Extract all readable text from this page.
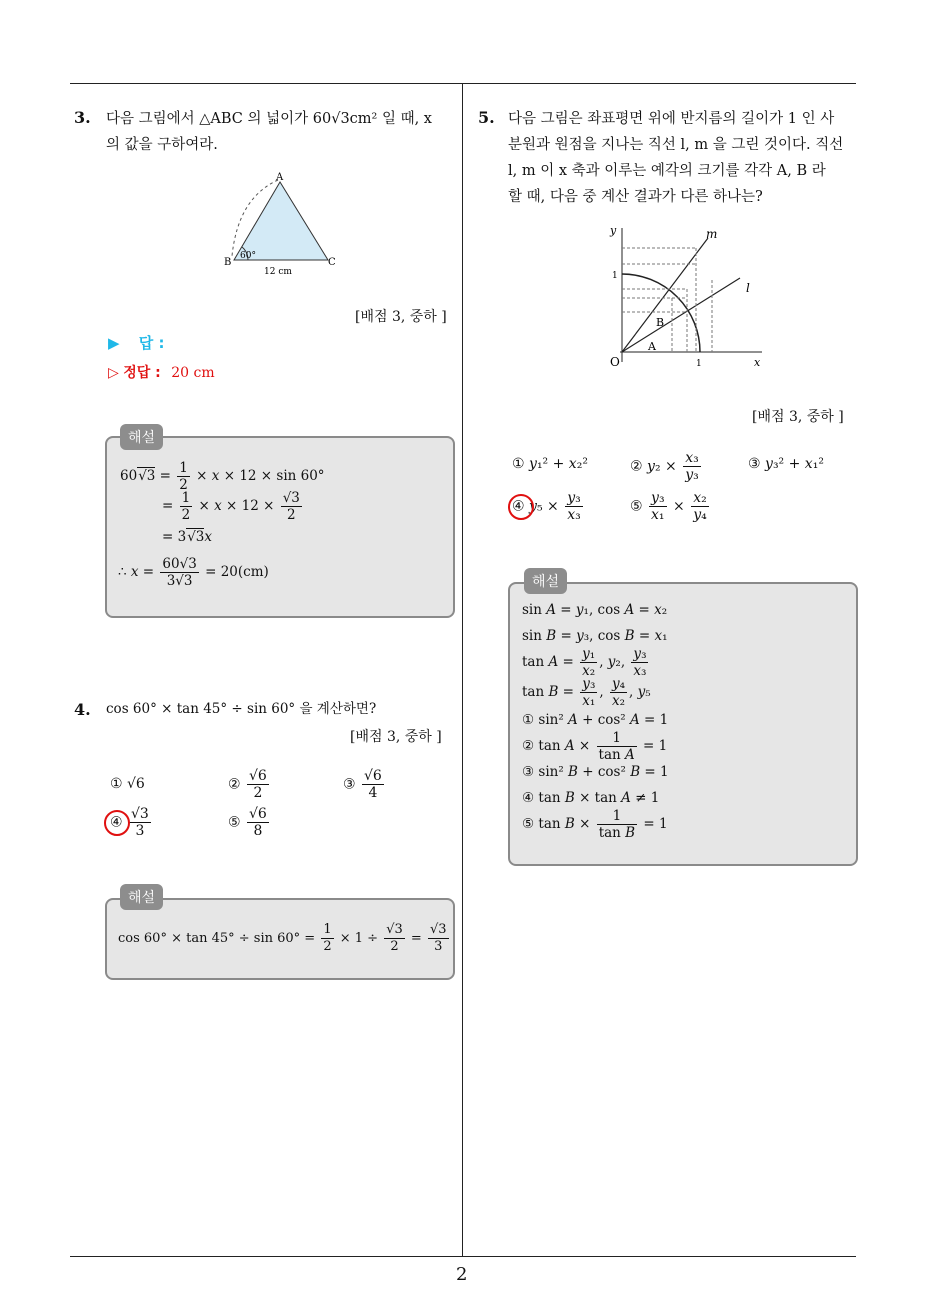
3. 다음 그림에서 △ABC 의 넓이가 60√3cm² 일 때, x
의 값을 구하여라.
A
B	C
60°
12 cm
[배점 3, 중하 ]
▶ 답 :
▷ 정답 : 20 cm
해설
$60√3 = \frac{1}{2} \times x \times 12 \times \sin 60^\circ$
= $\frac{1}{2} \times x \times 12 \times \frac{√3}{2}$
= 3√3x
∴ $x = \frac{60√3}{3√3} = 20(cm)$
4. cos 60° × tan 45° ÷ sin 60° 을 계산하면?
[배점 3, 중하 ]
① √6	② $\frac{√6}{2}$	③ $\frac{√6}{4}$
④ $\frac{√3}{3}$	⑤ $\frac{√6}{8}$
해설
$\cos 60^\circ \times \tan 45^\circ \div \sin 60^\circ = \frac{1}{2} \times 1 \div \frac{√3}{2} = \frac{√3}{3}$
5. 다음 그림은 좌표평면 위에 반지름의 길이가 1 인 사
분원과 원점을 지나는 직선 l, m 을 그린 것이다. 직선
l, m 이 x 축과 이루는 예각의 크기를 각각 A, B 라
할 때, 다음 중 계산 결과가 다른 하나는?
y
x
O
1
m
l
A
B
1
[배점 3, 중하 ]
① y₁² + x₂²	② $y_2 \times \frac{\text{x₃}}{\text{y₃}}$	③ y₃² + x₁²
④ $y_5 \times \frac{\text{y₃}}{\text{x₃}}$	⑤ $\frac{\text{y₃}}{\text{x₁}} \times \frac{\text{x₂}}{\text{y₄}}$
해설
sin A = y₁, cos A = x₂
sin B = y₃, cos B = x₁
$\tan A = \frac{\text{y₁}}{\text{x₂}}$ , y₂, $\frac{\text{y₃}}{\text{x₃}}$
$\tan B = \frac{\text{y₃}}{\text{x₁}}$ , $\frac{\text{y₄}}{\text{x₂}}$ , y₅
① sin² A + cos² A = 1
② $\tan A \times \frac{1}{\text{tan A}} = 1$
③ sin² B + cos² B = 1
④ tan B × tan A ≠ 1
⑤ $\tan B \times \frac{1}{\text{tan B}} = 1$
2
